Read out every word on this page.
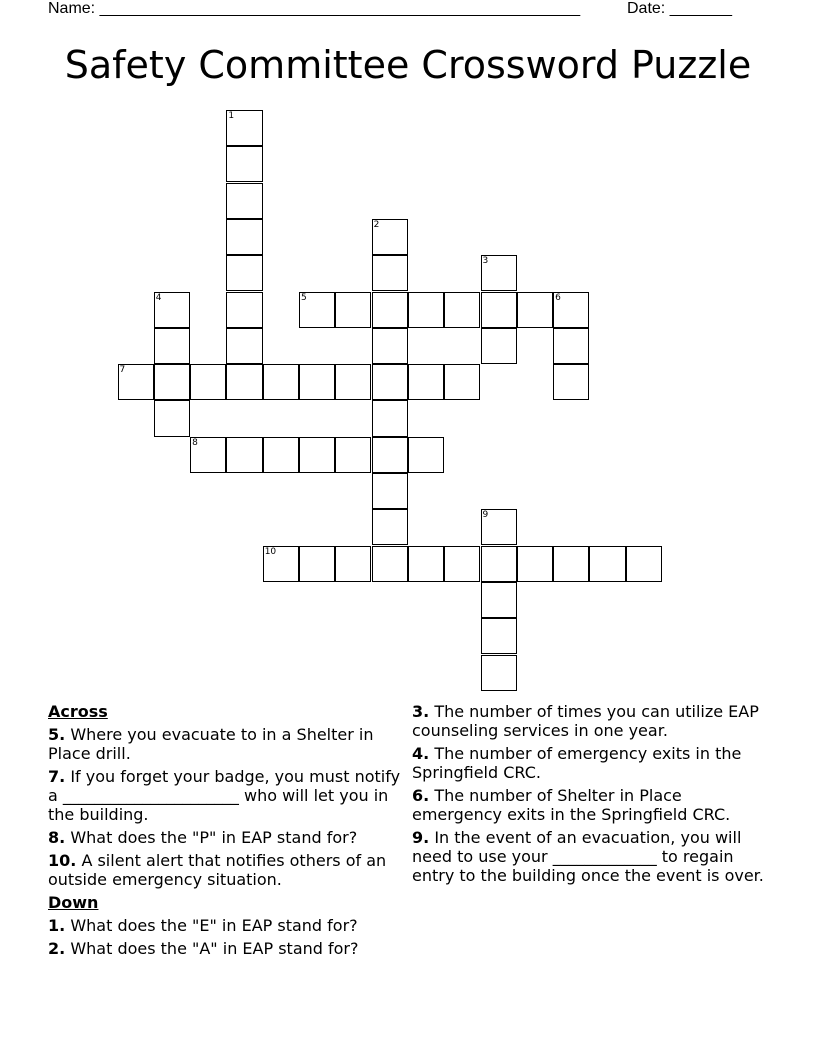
Name: ______________________________________________________	Date: _______
Safety Committee Crossword Puzzle
1
2
3
4	5	6
7
8
9
10
Across
5. Where you evacuate to in a Shelter in Place drill.
7. If you forget your badge, you must notify a ______________________ who will let you in the building.
8. What does the "P" in EAP stand for?
10. A silent alert that notifies others of an outside emergency situation.
Down
1. What does the "E" in EAP stand for?
2. What does the "A" in EAP stand for?
3. The number of times you can utilize EAP counseling services in one year.
4. The number of emergency exits in the Springfield CRC.
6. The number of Shelter in Place emergency exits in the Springfield CRC.
9. In the event of an evacuation, you will need to use your _____________ to regain entry to the building once the event is over.
